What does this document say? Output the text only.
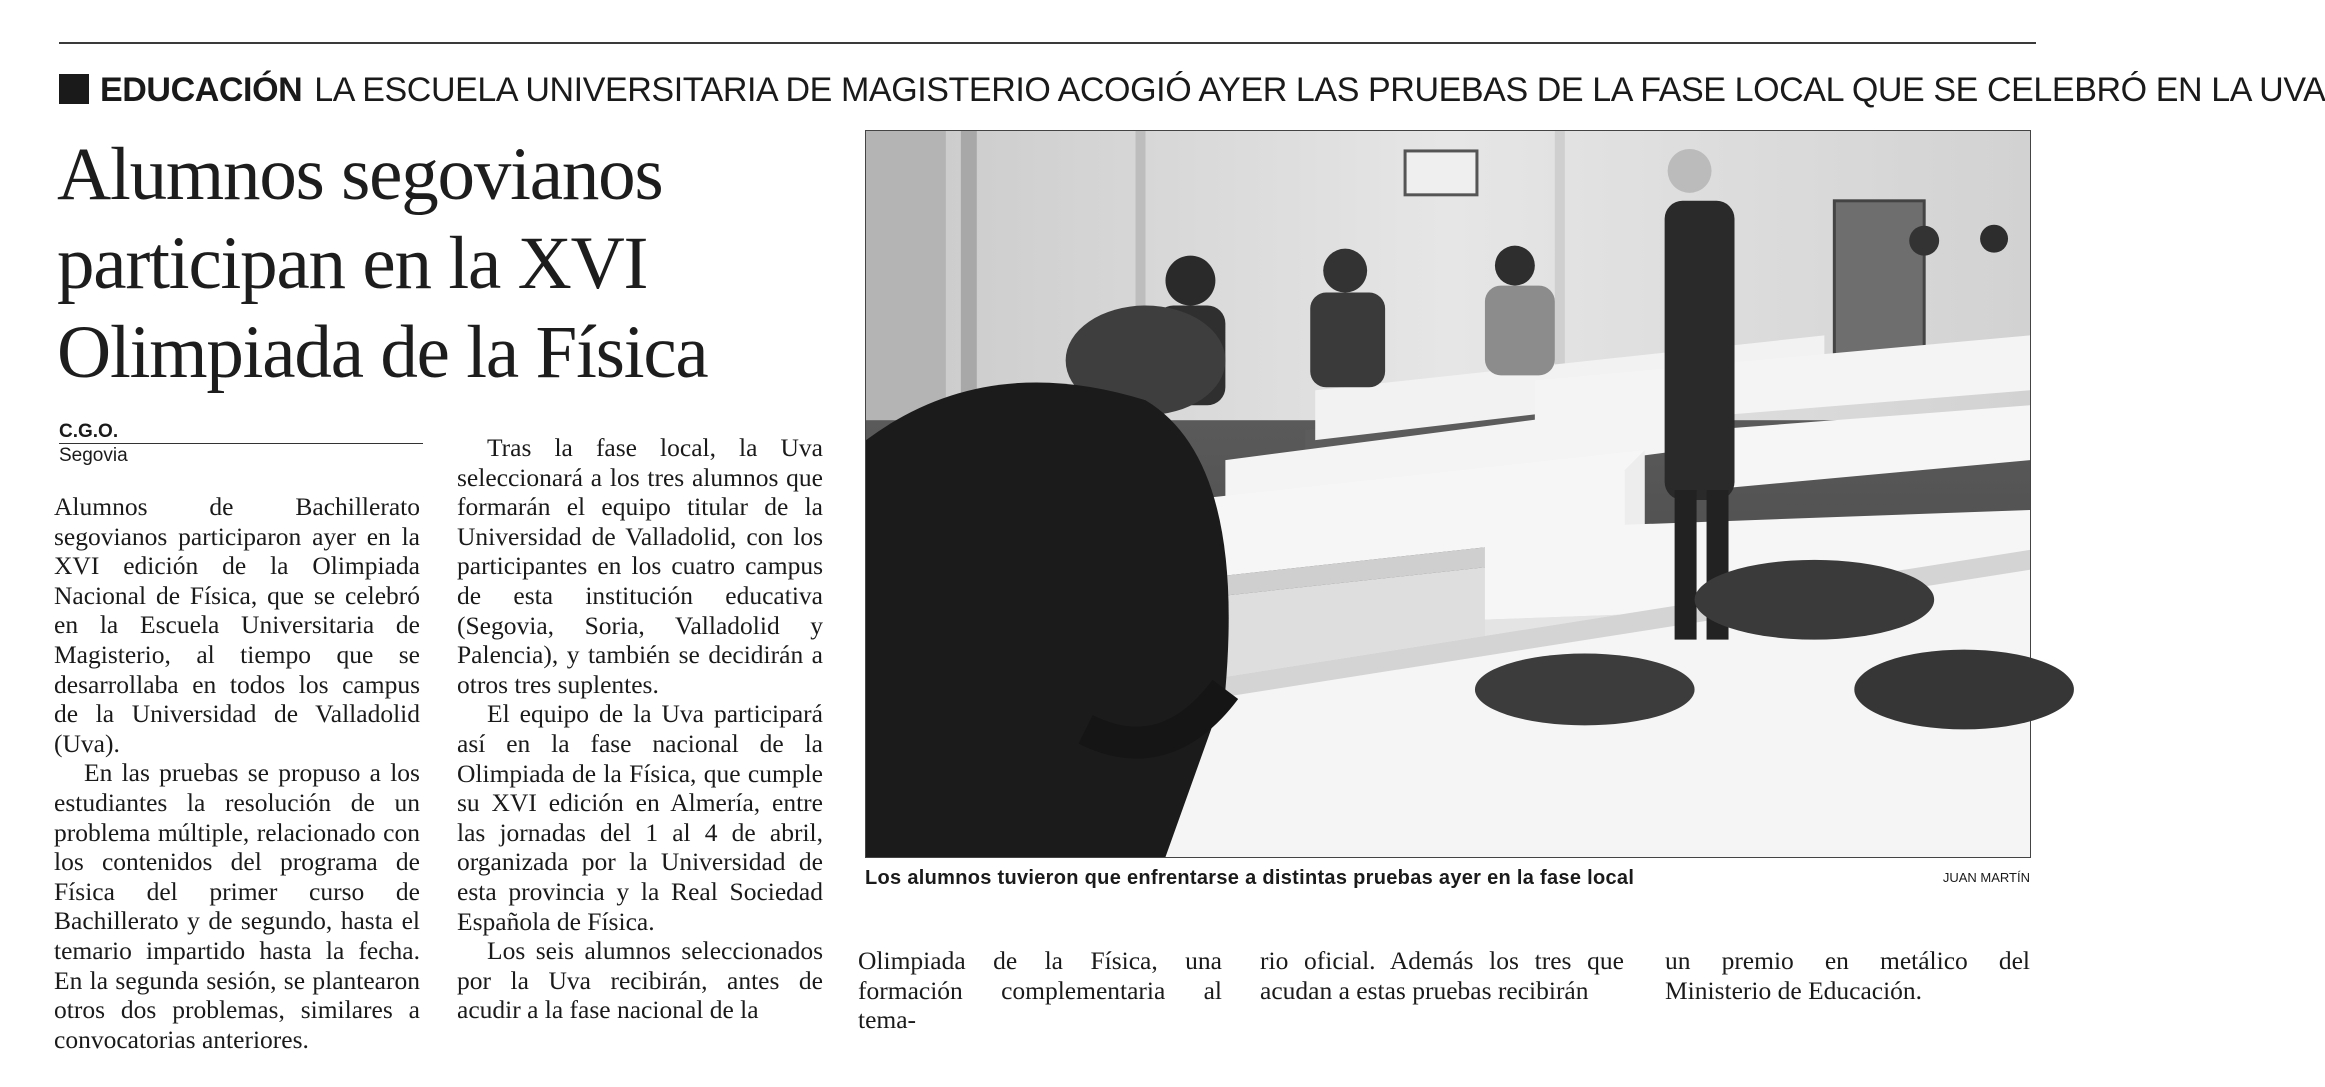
EDUCACIÓN LA ESCUELA UNIVERSITARIA DE MAGISTERIO ACOGIÓ AYER LAS PRUEBAS DE LA FASE LOCAL QUE SE CELEBRÓ EN LA UVA
Alumnos segovianos
participan en la XVI
Olimpiada de la Física
C.G.O.
Segovia

Alumnos de Bachillerato segovianos participaron ayer en la XVI edición de la Olimpiada Nacional de Física, que se celebró en la Escuela Universitaria de Magisterio, al tiempo que se desarrollaba en todos los campus de la Universidad de Valladolid (Uva).

En las pruebas se propuso a los estudiantes la resolución de un problema múltiple, relacionado con los contenidos del programa de Física del primer curso de Bachillerato y de segundo, hasta el temario impartido hasta la fecha. En la segunda sesión, se plantearon otros dos problemas, similares a convocatorias anteriores.

Tras la fase local, la Uva seleccionará a los tres alumnos que formarán el equipo titular de la Universidad de Valladolid, con los participantes en los cuatro campus de esta institución educativa (Segovia, Soria, Valladolid y Palencia), y también se decidirán a otros tres suplentes.

El equipo de la Uva participará así en la fase nacional de la Olimpiada de la Física, que cumple su XVI edición en Almería, entre las jornadas del 1 al 4 de abril, organizada por la Universidad de esta provincia y la Real Sociedad Española de Física.

Los seis alumnos seleccionados por la Uva recibirán, antes de acudir a la fase nacional de la

Los alumnos tuvieron que enfrentarse a distintas pruebas ayer en la fase local	JUAN MARTÍN

Olimpiada de la Física, una formación complementaria al tema-

rio oficial. Además los tres que acudan a estas pruebas recibirán

un premio en metálico del Ministerio de Educación.
